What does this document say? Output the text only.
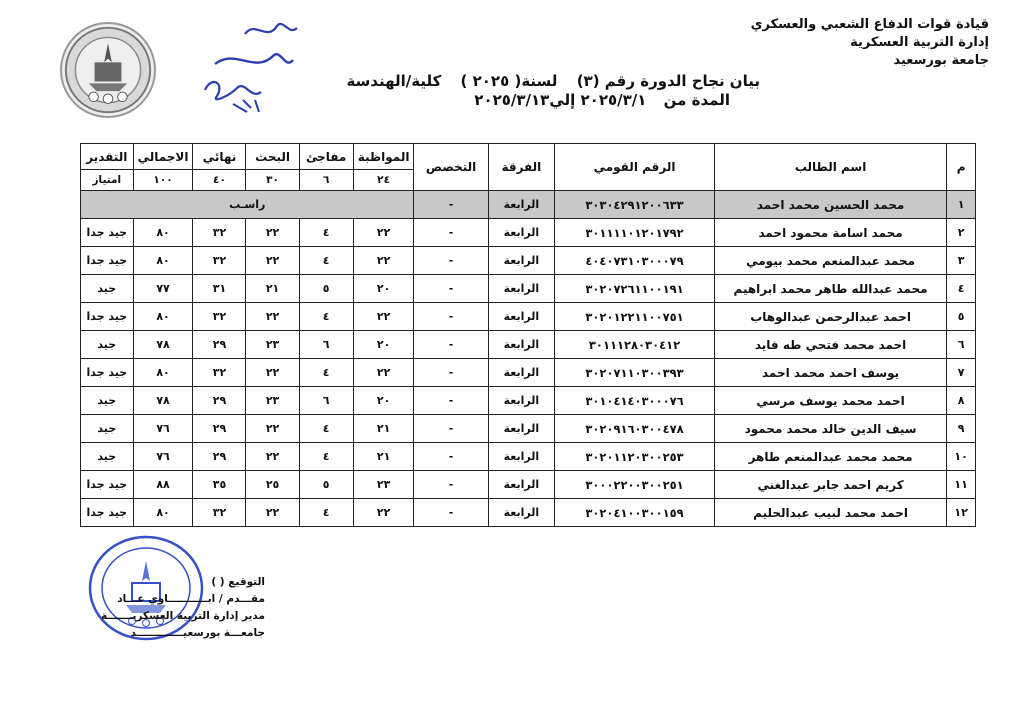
قيادة قوات الدفاع الشعبي والعسكري
إدارة التربية العسكرية
جامعة بورسعيد
بيان نجاح الدورة رقم (٣) لسنة( ٢٠٢٥ ) كلية/الهندسة
المدة من ٢٠٢٥/٣/١ إلي٢٠٢٥/٣/١٣
م	اسم الطالب	الرقم القومي	الفرقة	التخصص	المواظبة	مفاجئ	البحث	نهائي	الاجمالي	التقدير
					٢٤	٦	٣٠	٤٠	١٠٠	امتياز
١	محمد الحسين محمد احمد	٣٠٣٠٤٢٩١٢٠٠٦٣٣	الرابعة	-	راسـب					
٢	محمد اسامة محمود احمد	٣٠١١١١٠١٢٠١٧٩٢	الرابعة	-	٢٢	٤	٢٢	٣٢	٨٠	جيد جدا
٣	محمد عبدالمنعم محمد بيومي	٤٠٤٠٧٣١٠٣٠٠٠٧٩	الرابعة	-	٢٢	٤	٢٢	٣٢	٨٠	جيد جدا
٤	محمد عبدالله طاهر محمد ابراهيم	٣٠٢٠٧٢٦١١٠٠١٩١	الرابعة	-	٢٠	٥	٢١	٣١	٧٧	جيد
٥	احمد عبدالرحمن عبدالوهاب	٣٠٢٠١٢٢١١٠٠٧٥١	الرابعة	-	٢٢	٤	٢٢	٣٢	٨٠	جيد جدا
٦	احمد محمد فتحي طه فايد	٣٠١١١٢٨٠٣٠٤١٢	الرابعة	-	٢٠	٦	٢٣	٢٩	٧٨	جيد
٧	يوسف احمد محمد احمد	٣٠٢٠٧١١٠٣٠٠٣٩٣	الرابعة	-	٢٢	٤	٢٢	٣٢	٨٠	جيد جدا
٨	احمد محمد يوسف مرسي	٣٠١٠٤١٤٠٣٠٠٠٧٦	الرابعة	-	٢٠	٦	٢٣	٢٩	٧٨	جيد
٩	سيف الدين خالد محمد محمود	٣٠٢٠٩١٦٠٣٠٠٤٧٨	الرابعة	-	٢١	٤	٢٢	٢٩	٧٦	جيد
١٠	محمد محمد عبدالمنعم طاهر	٣٠٢٠١١٢٠٣٠٠٢٥٣	الرابعة	-	٢١	٤	٢٢	٢٩	٧٦	جيد
١١	كريم احمد جابر عبدالغني	٣٠٠٠٢٢٠٠٣٠٠٢٥١	الرابعة	-	٢٣	٥	٢٥	٣٥	٨٨	جيد جدا
١٢	احمد محمد لبيب عبدالحليم	٣٠٢٠٤١٠٠٣٠٠١٥٩	الرابعة	-	٢٢	٤	٢٢	٣٢	٨٠	جيد جدا
التوقيع ( )
مقـــدم / ابـــــــــــاوي عـــاد
مدير إدارة التربية العسكريـــــــة
جامعـــة بورسعيـــــــــــــد
